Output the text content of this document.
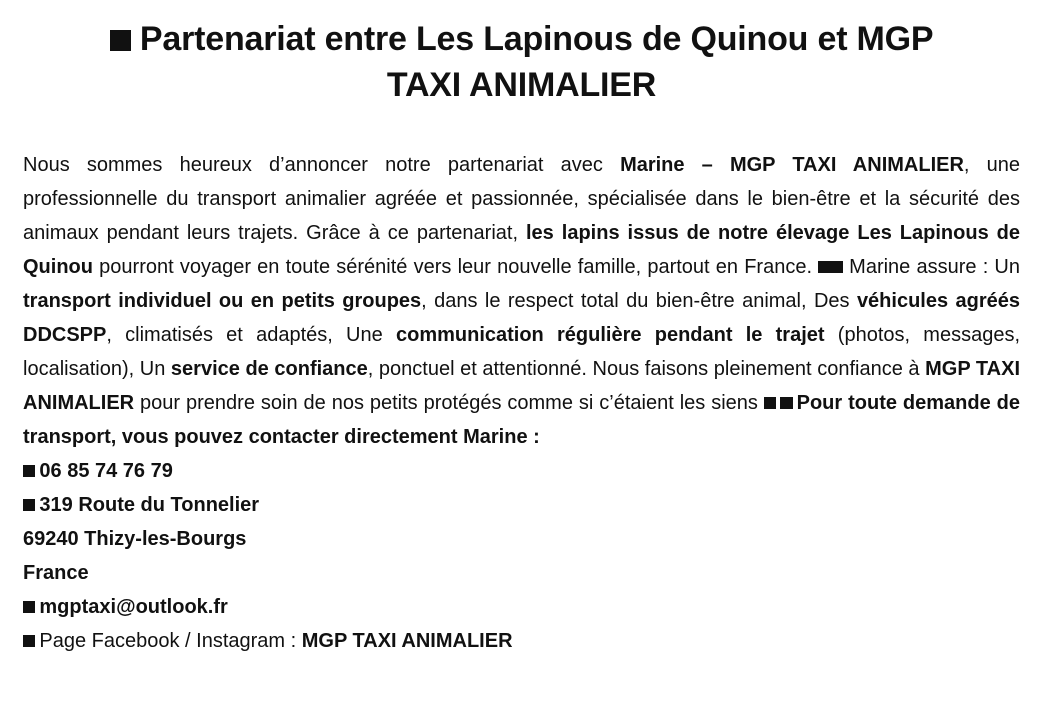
Partenariat entre Les Lapinous de Quinou et MGP
TAXI ANIMALIER

Nous sommes heureux d’annoncer notre partenariat avec Marine – MGP TAXI ANIMALIER, une professionnelle du transport animalier agréée et passionnée, spécialisée dans le bien-être et la sécurité des animaux pendant leurs trajets. Grâce à ce partenariat, les lapins issus de notre élevage Les Lapinous de Quinou pourront voyager en toute sérénité vers leur nouvelle famille, partout en France.  Marine assure : Un transport individuel ou en petits groupes, dans le respect total du bien-être animal, Des véhicules agréés DDCSPP, climatisés et adaptés, Une communication régulière pendant le trajet (photos, messages, localisation), Un service de confiance, ponctuel et attentionné. Nous faisons pleinement confiance à MGP TAXI ANIMALIER pour prendre soin de nos petits protégés comme si c’étaient les siens Pour toute demande de transport, vous pouvez contacter directement Marine :

06 85 74 76 79
319 Route du Tonnelier
69240 Thizy-les-Bourgs
France
mgptaxi@outlook.fr
Page Facebook / Instagram : MGP TAXI ANIMALIER
